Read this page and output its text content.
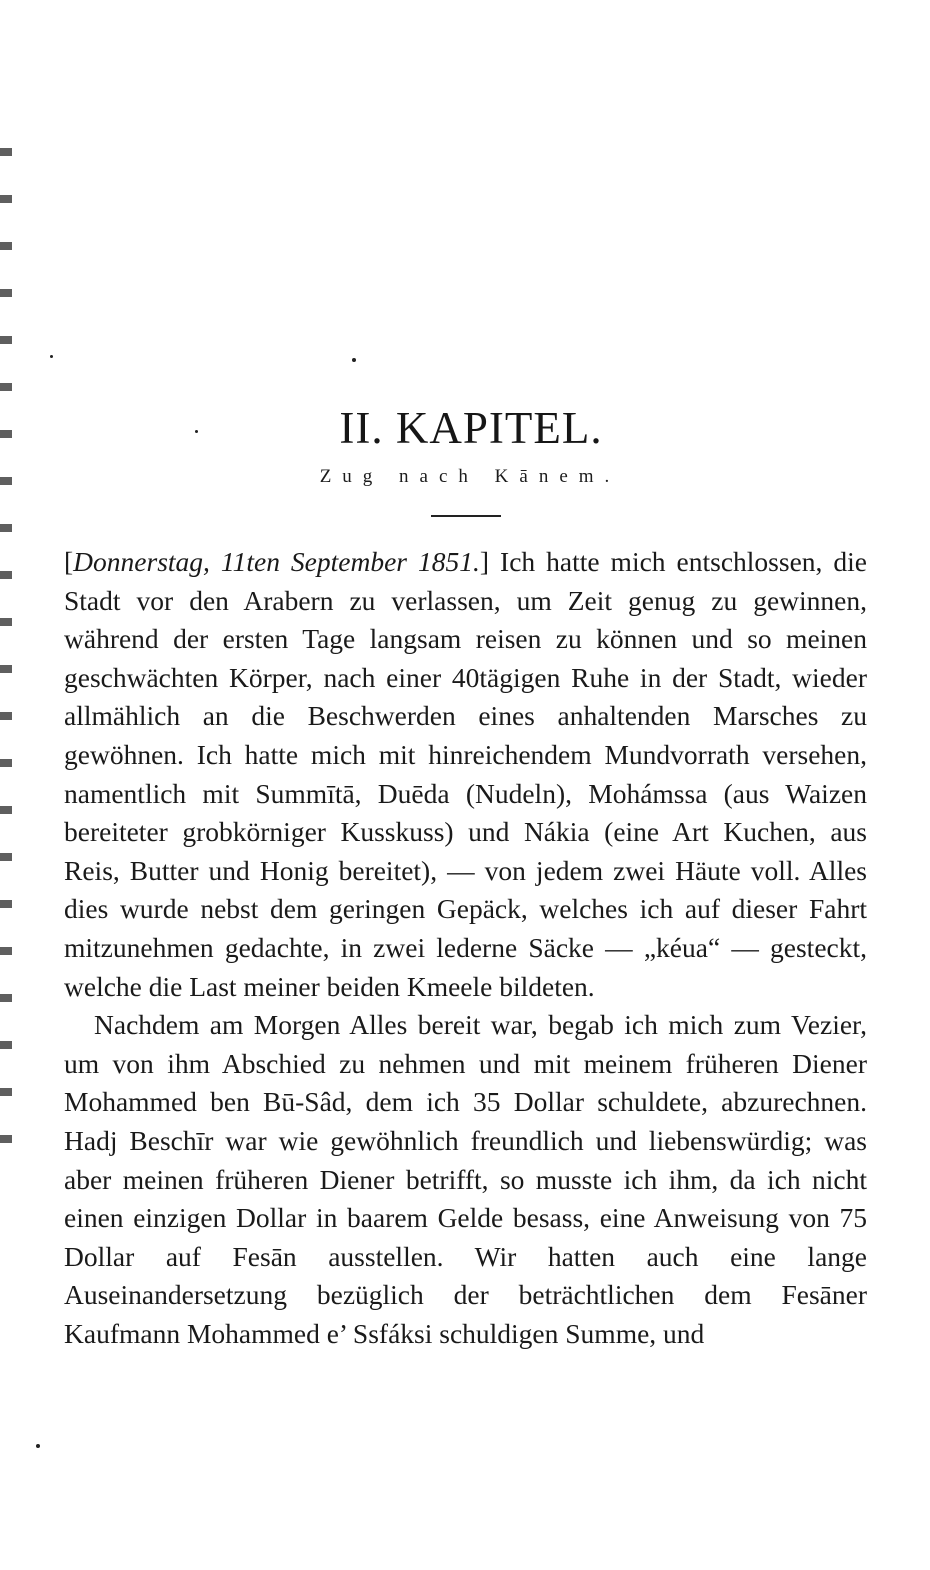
II. KAPITEL.
Zug nach Kānem.

[Donnerstag, 11ten September 1851.] Ich hatte mich entschlossen, die Stadt vor den Arabern zu verlassen, um Zeit genug zu gewinnen, während der ersten Tage langsam reisen zu können und so meinen geschwächten Körper, nach einer 40tägigen Ruhe in der Stadt, wieder allmählich an die Beschwerden eines anhaltenden Marsches zu gewöhnen. Ich hatte mich mit hinreichendem Mundvorrath versehen, namentlich mit Summītā, Duēda (Nudeln), Mohámssa (aus Waizen bereiteter grobkörniger Kusskuss) und Nákia (eine Art Kuchen, aus Reis, Butter und Honig bereitet), — von jedem zwei Häute voll. Alles dies wurde nebst dem geringen Gepäck, welches ich auf dieser Fahrt mitzunehmen gedachte, in zwei lederne Säcke — „kéua“ — gesteckt, welche die Last meiner beiden Kmeele bildeten.

Nachdem am Morgen Alles bereit war, begab ich mich zum Vezier, um von ihm Abschied zu nehmen und mit meinem früheren Diener Mohammed ben Bū-Sâd, dem ich 35 Dollar schuldete, abzurechnen. Hadj Beschīr war wie gewöhnlich freundlich und liebenswürdig; was aber meinen früheren Diener betrifft, so musste ich ihm, da ich nicht einen einzigen Dollar in baarem Gelde besass, eine Anweisung von 75 Dollar auf Fesān ausstellen. Wir hatten auch eine lange Auseinandersetzung bezüglich der beträchtlichen dem Fesāner Kaufmann Mohammed e’ Ssfáksi schuldigen Summe, und
